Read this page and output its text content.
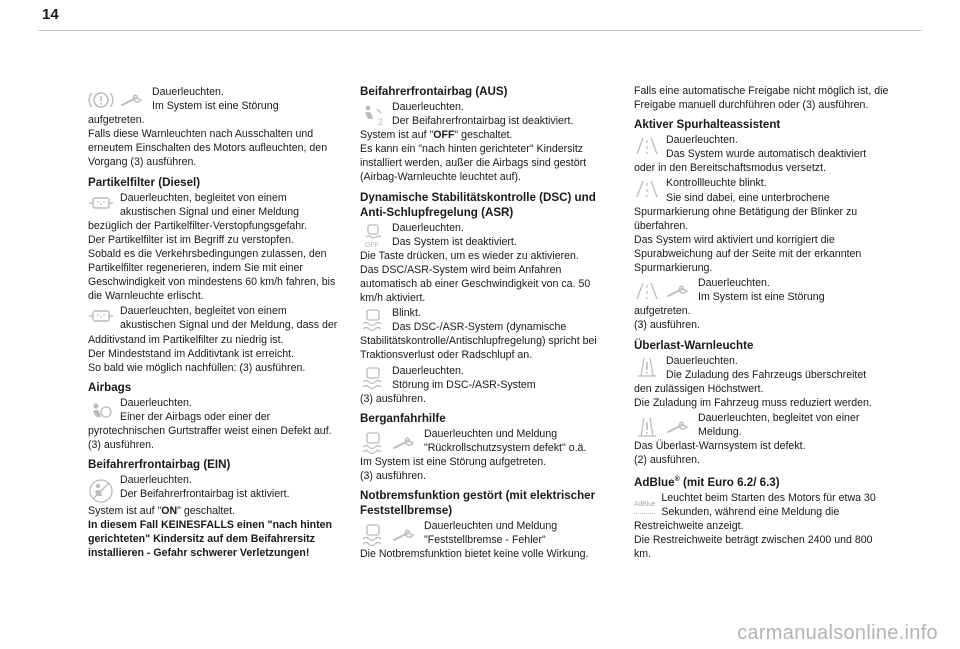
14

Dauerleuchten.

Im System ist eine Störung

aufgetreten.

Falls diese Warnleuchten nach Ausschalten und erneutem Einschalten des Motors aufleuchten, den Vorgang (3) ausführen.

Partikelfilter (Diesel)

Dauerleuchten, begleitet von einem akustischen Signal und einer Meldung

bezüglich der Partikelfilter-Verstopfungsgefahr.

Der Partikelfilter ist im Begriff zu verstopfen.

Sobald es die Verkehrsbedingungen zulassen, den Partikelfilter regenerieren, indem Sie mit einer Geschwindigkeit von mindestens 60 km/h fahren, bis die Warnleuchte erlischt.

Dauerleuchten, begleitet von einem akustischen Signal und der Meldung, dass der

Additivstand im Partikelfilter zu niedrig ist.

Der Mindeststand im Additivtank ist erreicht.

So bald wie möglich nachfüllen: (3) ausführen.

Airbags

Dauerleuchten.

Einer der Airbags oder einer der

pyrotechnischen Gurtstraffer weist einen Defekt auf.

(3) ausführen.

Beifahrerfrontairbag (EIN)

Dauerleuchten.

Der Beifahrerfrontairbag ist aktiviert.

System ist auf "ON" geschaltet.

In diesem Fall KEINESFALLS einen "nach hinten gerichteten" Kindersitz auf dem Beifahrersitz installieren - Gefahr schwerer Verletzungen!

Beifahrerfrontairbag (AUS)
2

Dauerleuchten.

Der Beifahrerfrontairbag ist deaktiviert.

System ist auf "OFF" geschaltet.

Es kann ein "nach hinten gerichteter" Kindersitz installiert werden, außer die Airbags sind gestört (Airbag-Warnleuchte leuchtet auf).

Dynamische Stabilitätskontrolle (DSC) und Anti-Schlupfregelung (ASR)
OFF

Dauerleuchten.

Das System ist deaktiviert.

Die Taste drücken, um es wieder zu aktivieren.

Das DSC/ASR-System wird beim Anfahren automatisch ab einer Geschwindigkeit von ca. 50 km/h aktiviert.

Blinkt.

Das DSC-/ASR-System (dynamische

Stabilitätskontrolle/Antischlupfregelung) spricht bei Traktionsverlust oder Radschlupf an.

Dauerleuchten.

Störung im DSC-/ASR-System

(3) ausführen.

Berganfahrhilfe

Dauerleuchten und Meldung "Rückrollschutzsystem defekt" o.ä.

Im System ist eine Störung aufgetreten.

(3) ausführen.

Notbremsfunktion gestört (mit elektrischer Feststellbremse)

Dauerleuchten und Meldung "Feststellbremse - Fehler"

Die Notbremsfunktion bietet keine volle Wirkung.

Falls eine automatische Freigabe nicht möglich ist, die Freigabe manuell durchführen oder (3) ausführen.

Aktiver Spurhalteassistent

Dauerleuchten.

Das System wurde automatisch deaktiviert

oder in den Bereitschaftsmodus versetzt.

Kontrollleuchte blinkt.

Sie sind dabei, eine unterbrochene

Spurmarkierung ohne Betätigung der Blinker zu überfahren.

Das System wird aktiviert und korrigiert die Spurabweichung auf der Seite mit der erkannten Spurmarkierung.

Dauerleuchten.

Im System ist eine Störung

aufgetreten.

(3) ausführen.

Überlast-Warnleuchte

Dauerleuchten.

Die Zuladung des Fahrzeugs überschreitet

den zulässigen Höchstwert.

Die Zuladung im Fahrzeug muss reduziert werden.

Dauerleuchten, begleitet von einer Meldung.

Das Überlast-Warnsystem ist defekt.

(2) ausführen.

AdBlue® (mit Euro 6.2/ 6.3)
AdBlue

Leuchtet beim Starten des Motors für etwa 30 Sekunden, während eine Meldung die

Restreichweite anzeigt.

Die Restreichweite beträgt zwischen 2400 und 800 km.

carmanualsonline.info
